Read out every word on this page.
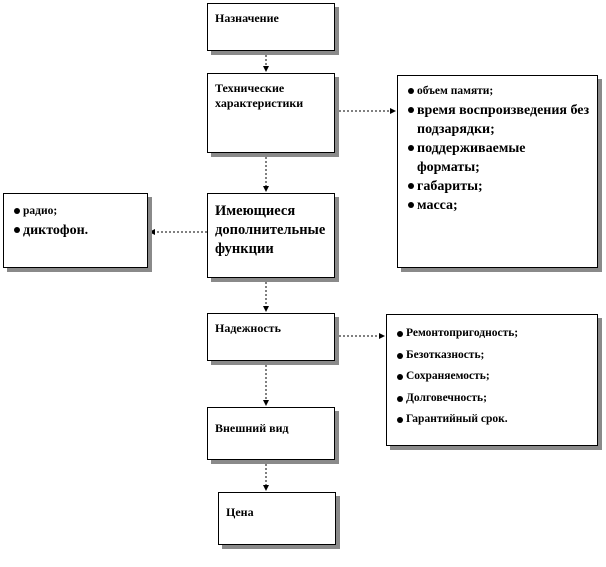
Назначение
Технические характеристики
Имеющиеся дополнительные функции
Надежность
Внешний вид
Цена
объем памяти;
время воспроизведения без подзарядки;
поддерживаемые форматы;
габариты;
масса;
радио;
диктофон.
Ремонтопригодность;
Безотказность;
Сохраняемость;
Долговечность;
Гарантийный срок.
